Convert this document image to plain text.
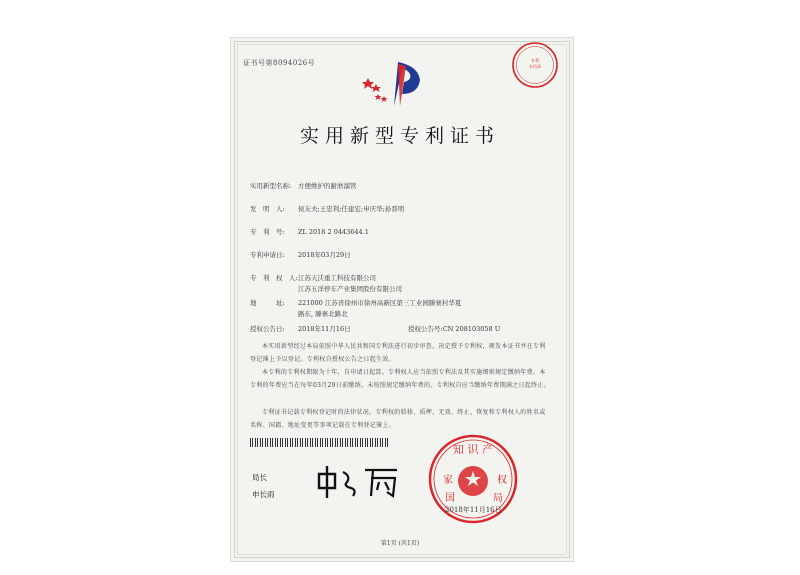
证书号第8094026号	专利
专用章
实用新型专利证书
实用新型名称: 方便维护的耐磨溜管
发　明　人: 侯友夫;王忠利;任建宏;申庆华;孙晋明
专　利　号: ZL 2018 2 0443644.1
专利申请日: 2018年03月29日
专　利　权　人:江苏天沃重工科技有限公司
江苏五洋停车产业集团股份有限公司
地　　　址: 221000 江苏省徐州市徐州高新区第三工业园滕寨村华夏
路东, 滕寨北路北
授权公告日: 2018年11月16日	授权公告号:CN 208103058 U
本实用新型经过本局依照中华人民共和国专利法进行初步审查，决定授予专利权，颁发本证书并在专利登记簿上予以登记。专利权自授权公告之日起生效。
本专利的专利权期限为十年，自申请日起算。专利权人应当依照专利法及其实施细则规定缴纳年费。本专利的年费应当在每年03月29日前缴纳。未按照规定缴纳年费的，专利权自应当缴纳年费期满之日起终止。
专利证书记载专利权登记时的法律状况。专利权的转移、质押、无效、终止、恢复和专利权人的姓名或名称、国籍、地址变更等事项记载在专利登记簿上。
局长
申长雨
知 识 产
家	权
国	局
2018年11月16日
第1页 (共1页)
